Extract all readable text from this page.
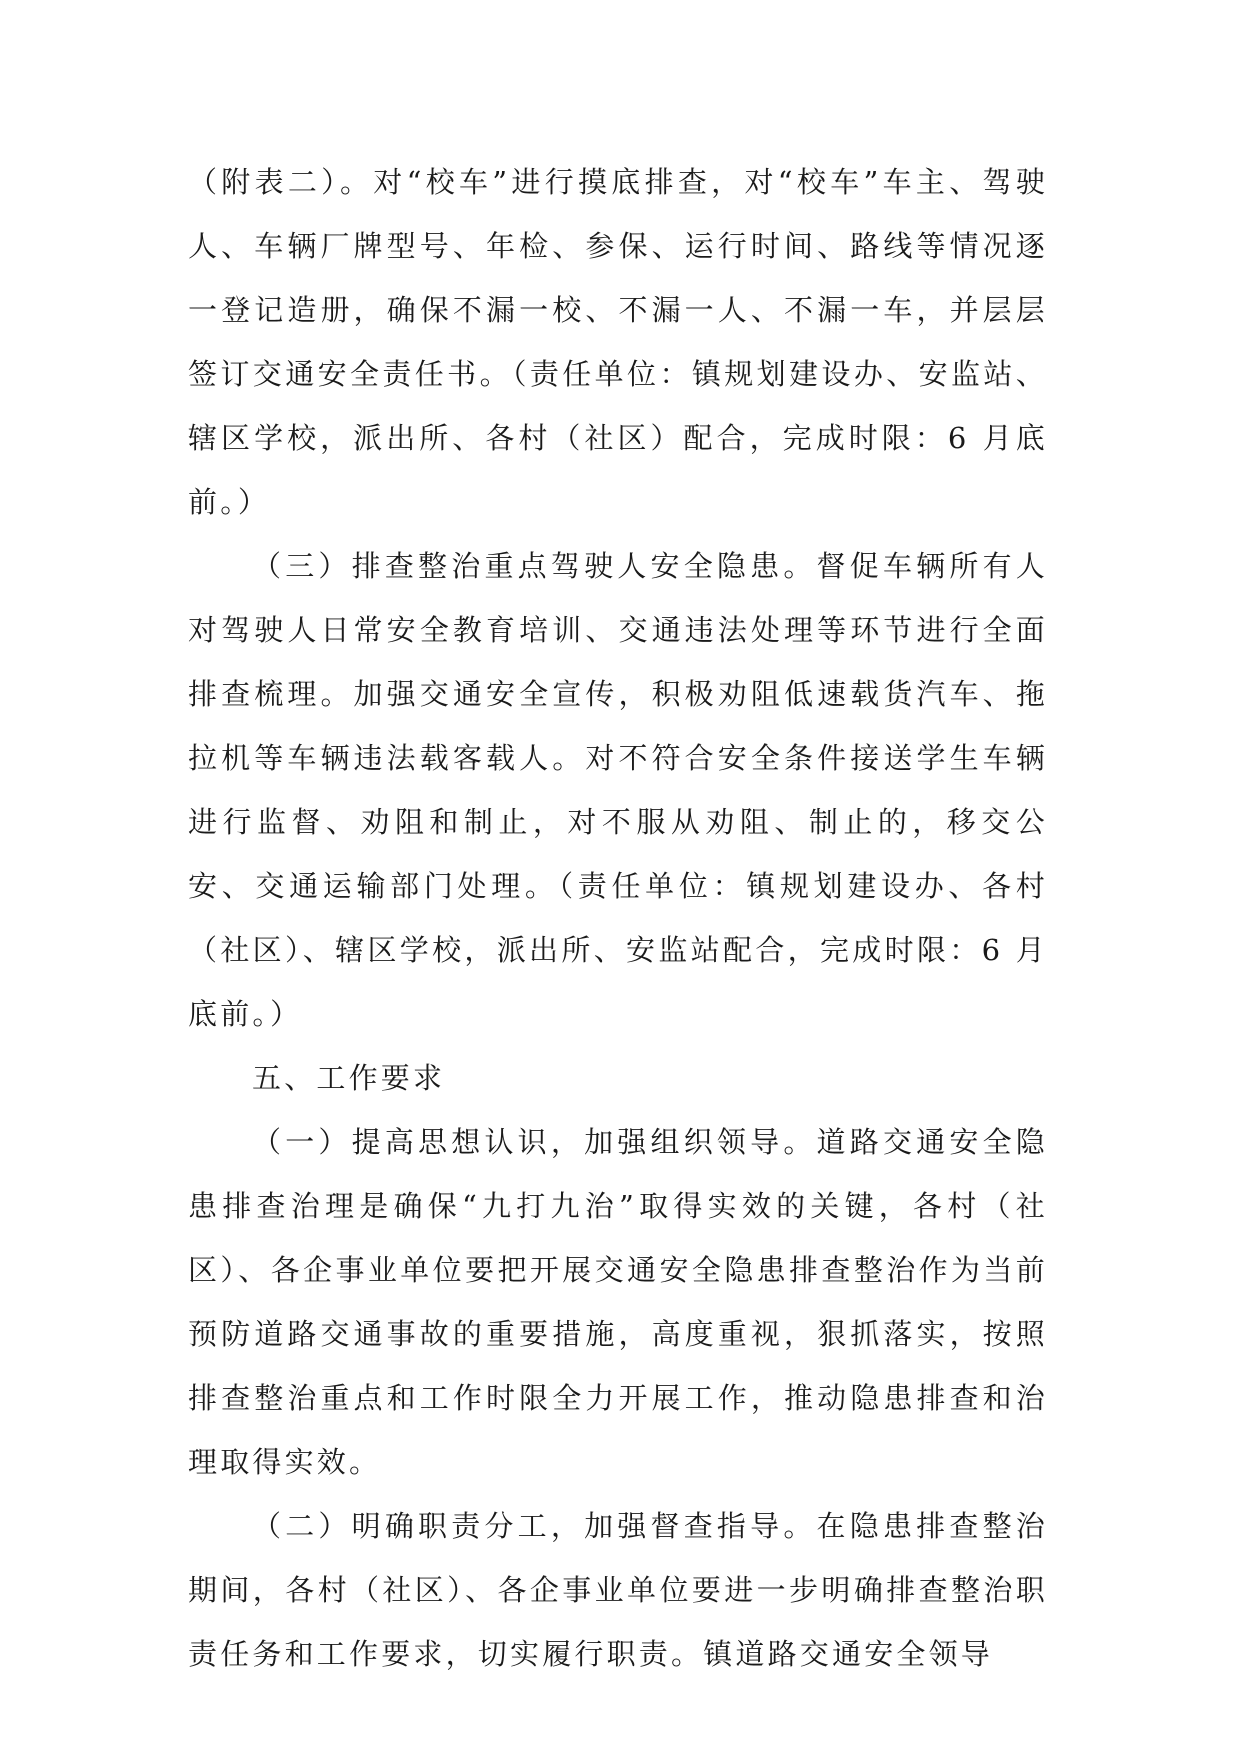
（附表二）。对“校车”进行摸底排查，对“校车”车主、驾驶人、车辆厂牌型号、年检、参保、运行时间、路线等情况逐一登记造册，确保不漏一校、不漏一人、不漏一车，并层层签订交通安全责任书。（责任单位：镇规划建设办、安监站、辖区学校，派出所、各村（社区）配合，完成时限：6 月底前。）

（三）排查整治重点驾驶人安全隐患。督促车辆所有人对驾驶人日常安全教育培训、交通违法处理等环节进行全面排查梳理。加强交通安全宣传，积极劝阻低速载货汽车、拖拉机等车辆违法载客载人。对不符合安全条件接送学生车辆进行监督、劝阻和制止，对不服从劝阻、制止的，移交公安、交通运输部门处理。（责任单位：镇规划建设办、各村（社区）、辖区学校，派出所、安监站配合，完成时限：6 月底前。）

五、工作要求

（一）提高思想认识，加强组织领导。道路交通安全隐患排查治理是确保“九打九治”取得实效的关键，各村（社区）、各企事业单位要把开展交通安全隐患排查整治作为当前预防道路交通事故的重要措施，高度重视，狠抓落实，按照排查整治重点和工作时限全力开展工作，推动隐患排查和治理取得实效。

（二）明确职责分工，加强督查指导。在隐患排查整治期间，各村（社区）、各企事业单位要进一步明确排查整治职责任务和工作要求，切实履行职责。镇道路交通安全领导
